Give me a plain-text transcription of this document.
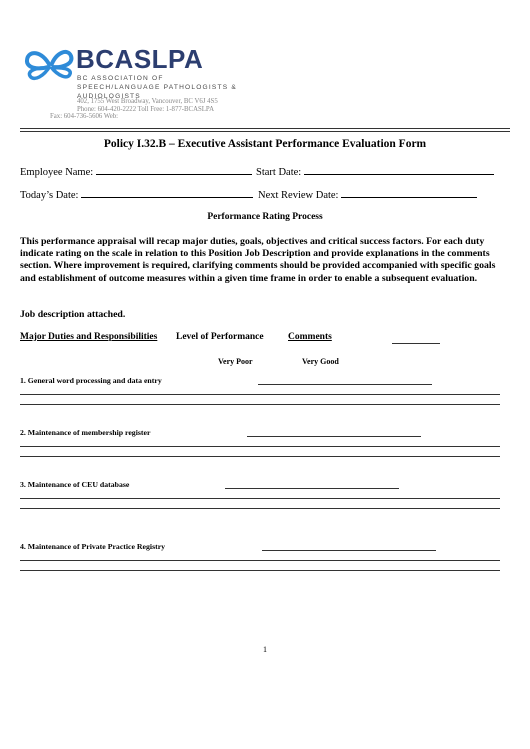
BCASLPA
BC ASSOCIATION OF SPEECH/LANGUAGE PATHOLOGISTS & AUDIOLOGISTS
402, 1755 West Broadway, Vancouver, BC V6J 4S5
Phone: 604-420-2222 Toll Free: 1-877-BCASLPA
Fax: 604-736-5606 Web:
Policy I.32.B – Executive Assistant Performance Evaluation Form
Employee Name:	Start Date:
Today’s Date:	Next Review Date:
Performance Rating Process
This performance appraisal will recap major duties, goals, objectives and critical success factors. For each duty indicate rating on the scale in relation to this Position Job Description and provide explanations in the comments section. Where improvement is required, clarifying comments should be provided accompanied with specific goals and establishment of outcome measures within a given time frame in order to enable a subsequent evaluation.
Job description attached.
Major Duties and Responsibilities Level of Performance	Comments
Very Poor	Very Good
1. General word processing and data entry
2. Maintenance of membership register
3. Maintenance of CEU database
4. Maintenance of Private Practice Registry
1
